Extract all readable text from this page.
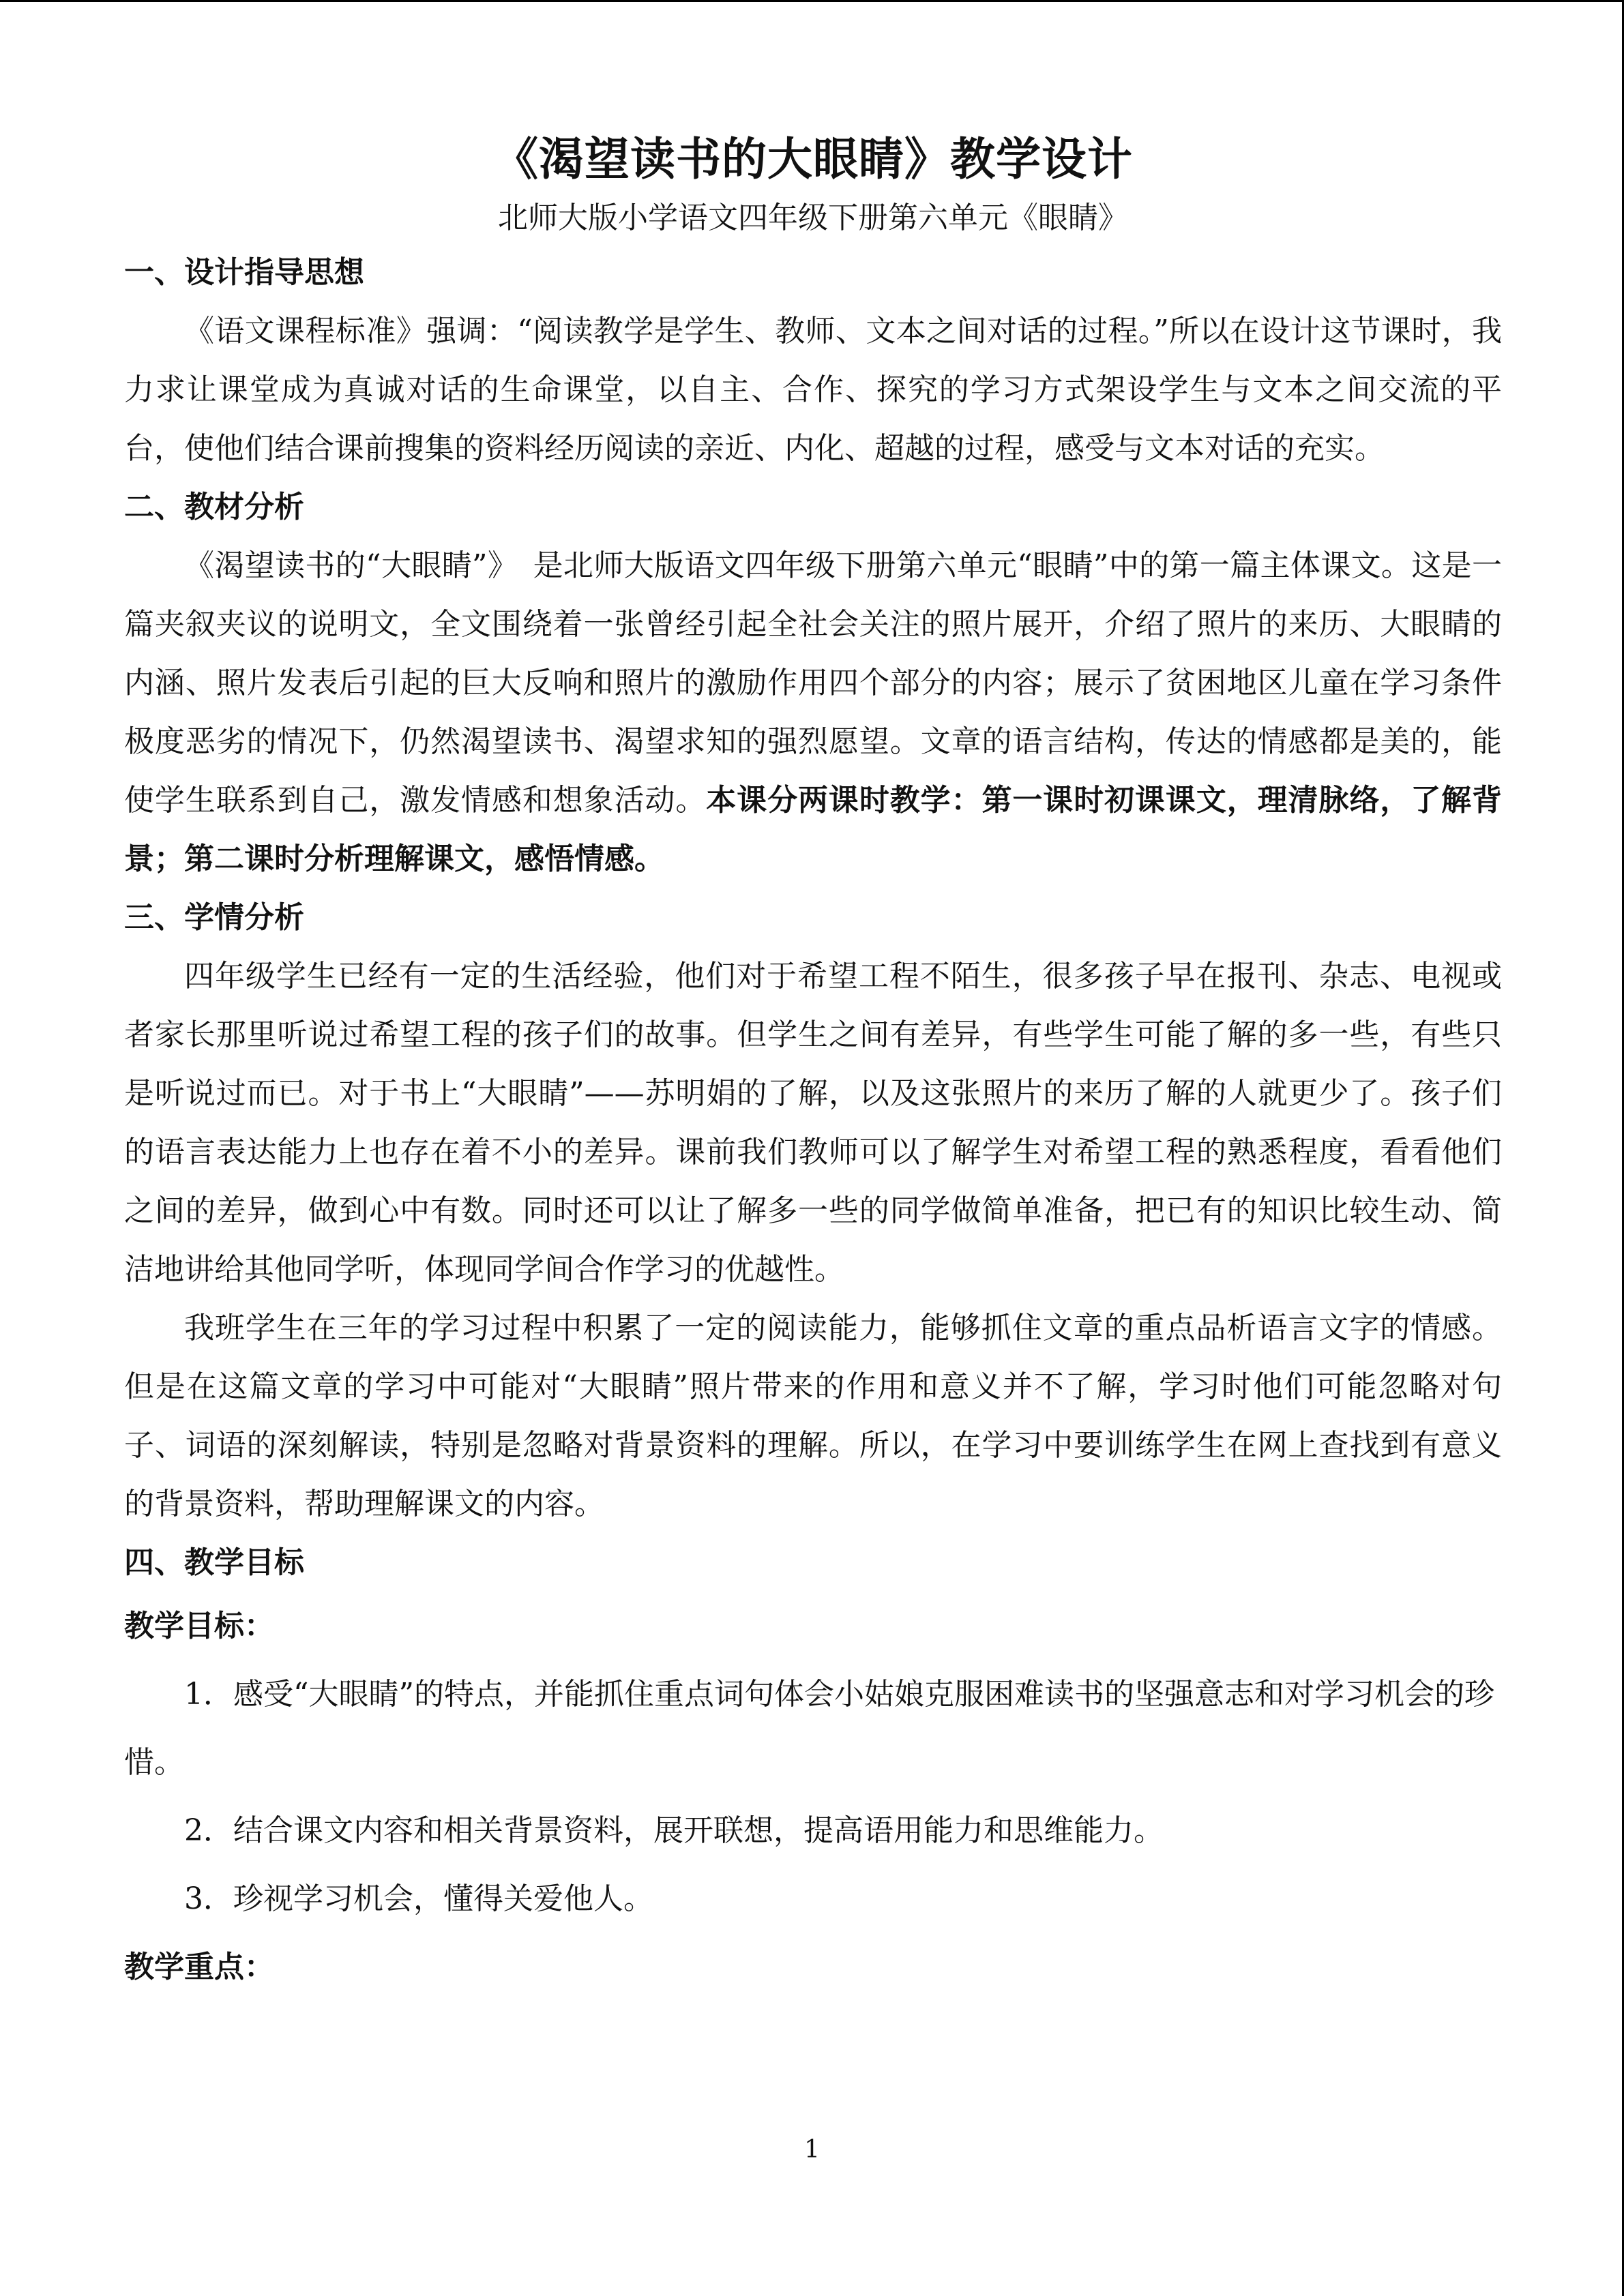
《渴望读书的大眼睛》教学设计

北师大版小学语文四年级下册第六单元《眼睛》

一、设计指导思想

《语文课程标准》强调：“阅读教学是学生、教师、文本之间对话的过程。”所以在设计这节课时，我力求让课堂成为真诚对话的生命课堂，以自主、合作、探究的学习方式架设学生与文本之间交流的平台，使他们结合课前搜集的资料经历阅读的亲近、内化、超越的过程，感受与文本对话的充实。

二、教材分析

《渴望读书的“大眼睛”》　是北师大版语文四年级下册第六单元“眼睛”中的第一篇主体课文。这是一篇夹叙夹议的说明文，全文围绕着一张曾经引起全社会关注的照片展开，介绍了照片的来历、大眼睛的内涵、照片发表后引起的巨大反响和照片的激励作用四个部分的内容；展示了贫困地区儿童在学习条件极度恶劣的情况下，仍然渴望读书、渴望求知的强烈愿望。文章的语言结构，传达的情感都是美的，能使学生联系到自己，激发情感和想象活动。本课分两课时教学：第一课时初课课文，理清脉络，了解背景；第二课时分析理解课文，感悟情感。

三、学情分析

四年级学生已经有一定的生活经验，他们对于希望工程不陌生，很多孩子早在报刊、杂志、电视或者家长那里听说过希望工程的孩子们的故事。但学生之间有差异，有些学生可能了解的多一些，有些只是听说过而已。对于书上“大眼睛”——苏明娟的了解，以及这张照片的来历了解的人就更少了。孩子们的语言表达能力上也存在着不小的差异。课前我们教师可以了解学生对希望工程的熟悉程度，看看他们之间的差异，做到心中有数。同时还可以让了解多一些的同学做简单准备，把已有的知识比较生动、简洁地讲给其他同学听，体现同学间合作学习的优越性。

我班学生在三年的学习过程中积累了一定的阅读能力，能够抓住文章的重点品析语言文字的情感。但是在这篇文章的学习中可能对“大眼睛”照片带来的作用和意义并不了解，学习时他们可能忽略对句子、词语的深刻解读，特别是忽略对背景资料的理解。所以，在学习中要训练学生在网上查找到有意义的背景资料，帮助理解课文的内容。

四、教学目标

教学目标：

1．感受“大眼睛”的特点，并能抓住重点词句体会小姑娘克服困难读书的坚强意志和对学习机会的珍惜。

2．结合课文内容和相关背景资料，展开联想，提高语用能力和思维能力。

3．珍视学习机会，懂得关爱他人。

教学重点：

1
